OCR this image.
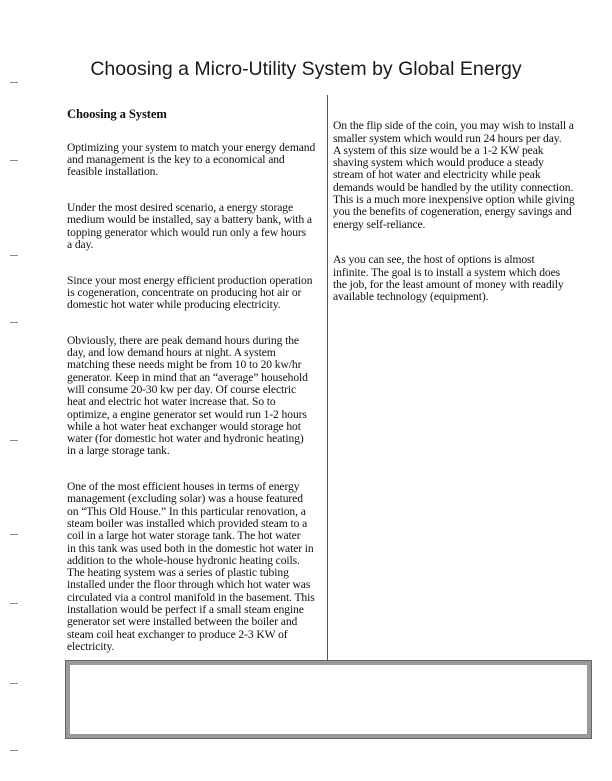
Choosing a Micro-Utility System by Global Energy

Choosing a System

Optimizing your system to match your energy demand
and management is the key to a economical and
feasible installation.

Under the most desired scenario, a energy storage
medium would be installed, say a battery bank, with a
topping generator which would run only a few hours
a day.

Since your most energy efficient production operation
is cogeneration, concentrate on producing hot air or
domestic hot water while producing electricity.

Obviously, there are peak demand hours during the
day, and low demand hours at night. A system
matching these needs might be from 10 to 20 kw/hr
generator. Keep in mind that an “average” household
will consume 20-30 kw per day. Of course electric
heat and electric hot water increase that. So to
optimize, a engine generator set would run 1-2 hours
while a hot water heat exchanger would storage hot
water (for domestic hot water and hydronic heating)
in a large storage tank.

One of the most efficient houses in terms of energy
management (excluding solar) was a house featured
on “This Old House.” In this particular renovation, a
steam boiler was installed which provided steam to a
coil in a large hot water storage tank. The hot water
in this tank was used both in the domestic hot water in
addition to the whole-house hydronic heating coils.
The heating system was a series of plastic tubing
installed under the floor through which hot water was
circulated via a control manifold in the basement. This
installation would be perfect if a small steam engine
generator set were installed between the boiler and
steam coil heat exchanger to produce 2-3 KW of
electricity.

On the flip side of the coin, you may wish to install a
smaller system which would run 24 hours per day.
A system of this size would be a 1-2 KW peak
shaving system which would produce a steady
stream of hot water and electricity while peak
demands would be handled by the utility connection.
This is a much more inexpensive option while giving
you the benefits of cogeneration, energy savings and
energy self-reliance.

As you can see, the host of options is almost
infinite. The goal is to install a system which does
the job, for the least amount of money with readily
available technology (equipment).
